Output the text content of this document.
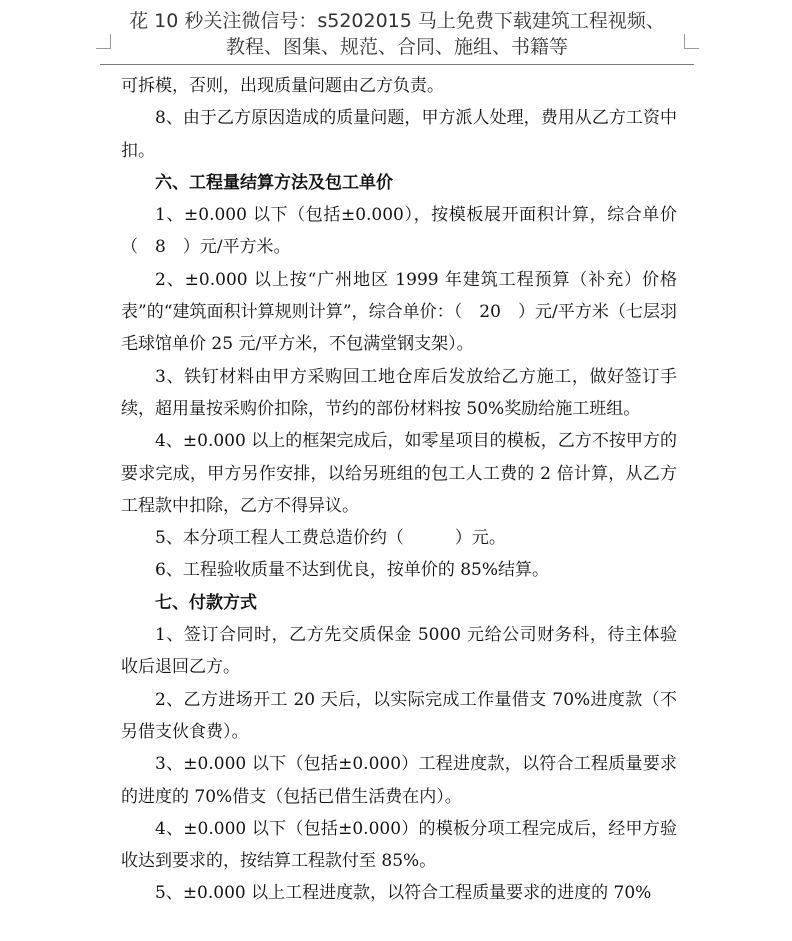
花 10 秒关注微信号：s5202015 马上免费下载建筑工程视频、
教程、图集、规范、合同、施组、书籍等

可拆模，否则，出现质量问题由乙方负责。

8、由于乙方原因造成的质量问题，甲方派人处理，费用从乙方工资中扣。

六、工程量结算方法及包工单价

1、±0.000 以下（包括±0.000），按模板展开面积计算，综合单价（　8　）元/平方米。

2、±0.000 以上按“广州地区 1999 年建筑工程预算（补充）价格表”的“建筑面积计算规则计算”，综合单价：（　20　）元/平方米（七层羽毛球馆单价 25 元/平方米，不包满堂钢支架）。

3、铁钉材料由甲方采购回工地仓库后发放给乙方施工，做好签订手续，超用量按采购价扣除，节约的部份材料按 50%奖励给施工班组。

4、±0.000 以上的框架完成后，如零星项目的模板，乙方不按甲方的要求完成，甲方另作安排，以给另班组的包工人工费的 2 倍计算，从乙方工程款中扣除，乙方不得异议。

5、本分项工程人工费总造价约（　　　）元。

6、工程验收质量不达到优良，按单价的 85%结算。

七、付款方式

1、签订合同时，乙方先交质保金 5000 元给公司财务科，待主体验收后退回乙方。

2、乙方进场开工 20 天后，以实际完成工作量借支 70%进度款（不另借支伙食费）。

3、±0.000 以下（包括±0.000）工程进度款，以符合工程质量要求的进度的 70%借支（包括已借生活费在内）。

4、±0.000 以下（包括±0.000）的模板分项工程完成后，经甲方验收达到要求的，按结算工程款付至 85%。

5、±0.000 以上工程进度款，以符合工程质量要求的进度的 70%
